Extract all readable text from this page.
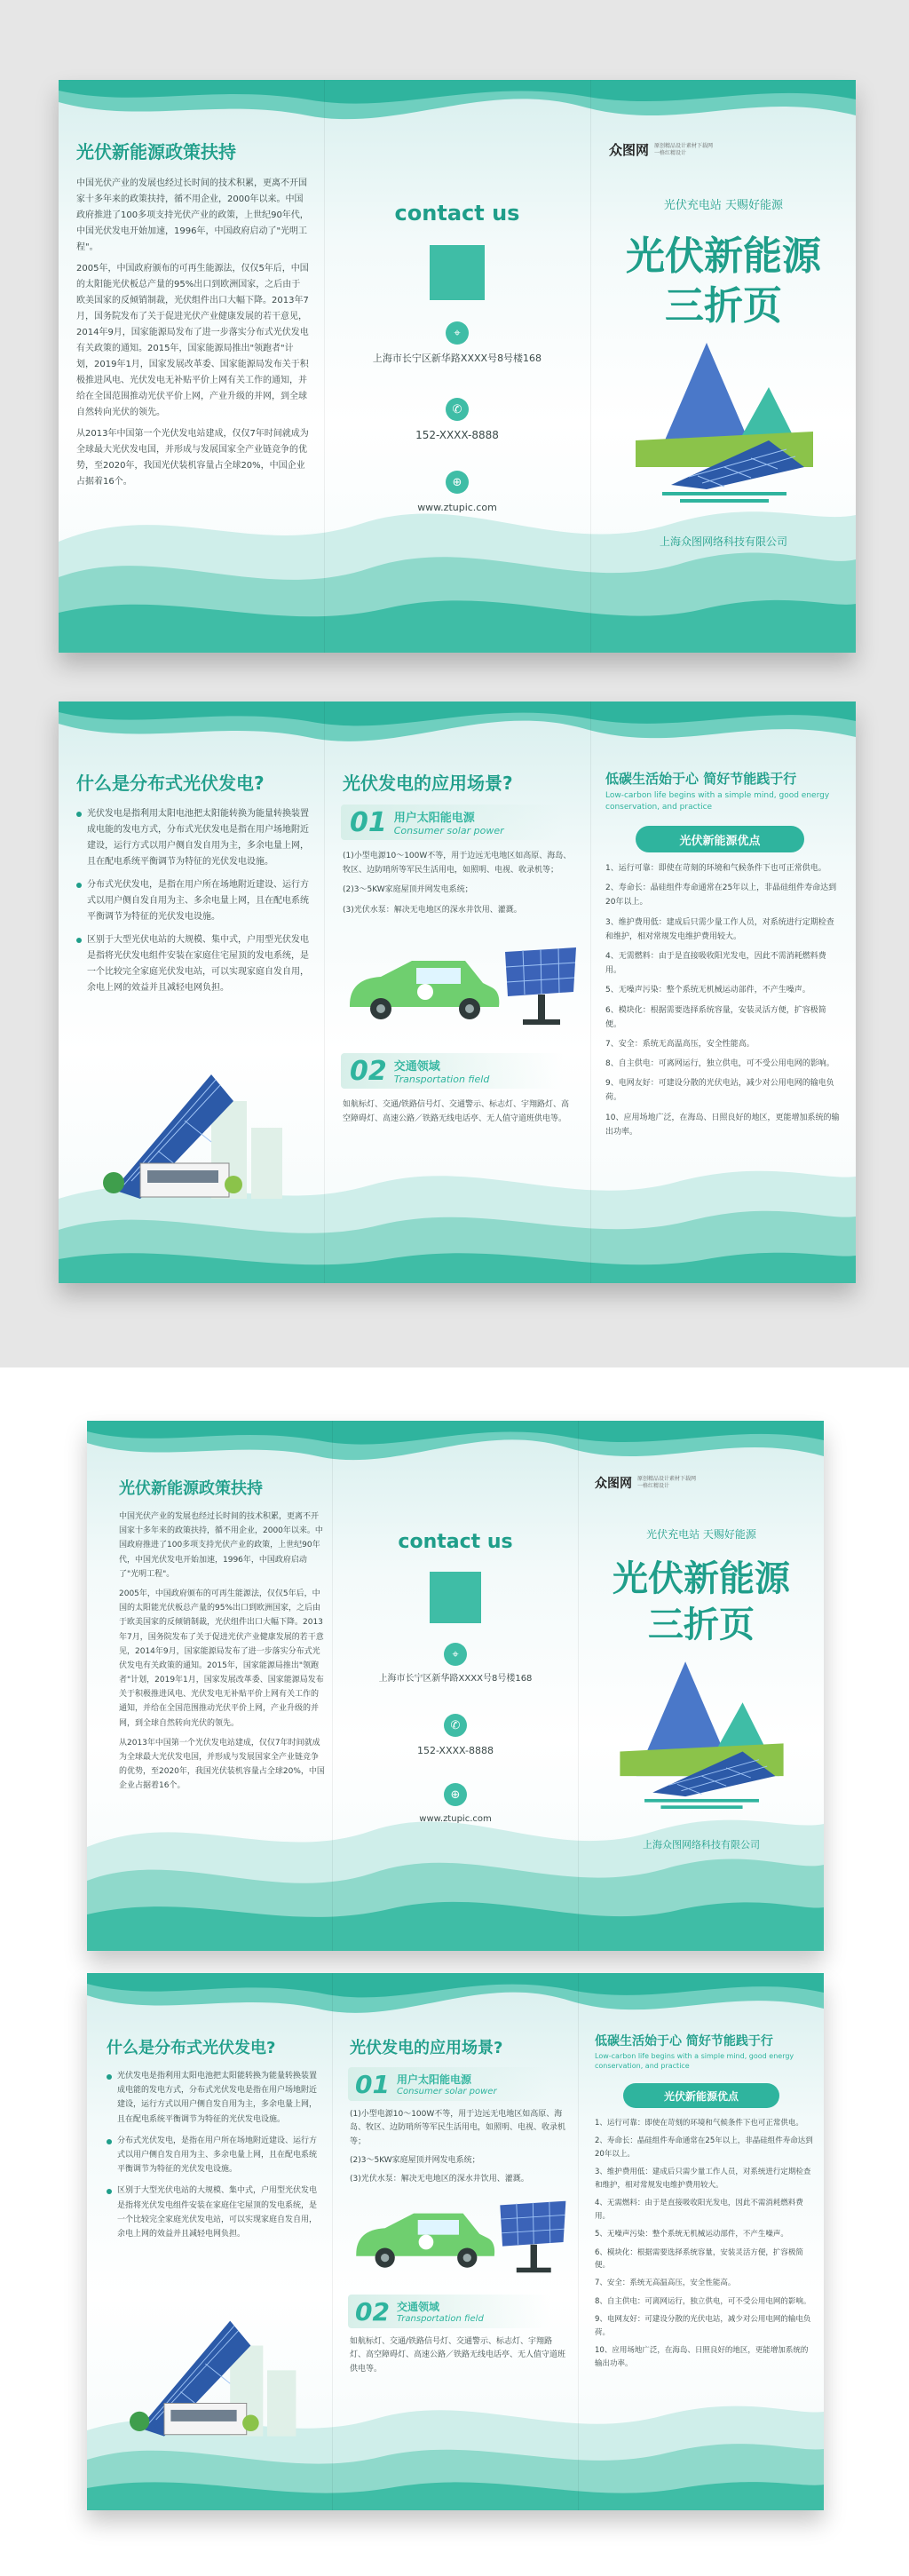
光伏新能源政策扶持

中国光伏产业的发展也经过长时间的技术积累，更离不开国家十多年来的政策扶持，循不用企业，2000年以来。中国政府推进了100多项支持光伏产业的政策，上世纪90年代，中国光伏发电开始加速，1996年，中国政府启动了"光明工程"。

2005年，中国政府颁布的可再生能源法，仅仅5年后，中国的太阳能光伏板总产量的95%出口到欧洲国家，之后由于欧美国家的反倾销制裁，光伏组件出口大幅下降。2013年7月，国务院发布了关于促进光伏产业健康发展的若干意见，2014年9月，国家能源局发布了进一步落实分布式光伏发电有关政策的通知。2015年，国家能源局推出"领跑者"计划，2019年1月，国家发展改革委、国家能源局发布关于积极推进风电、光伏发电无补贴平价上网有关工作的通知，并给在全国范围推动光伏平价上网，产业升级的并网，到全球自然转向光伏的领先。

从2013年中国第一个光伏发电站建成，仅仅7年时间就成为全球最大光伏发电国，并形成与发展国家全产业链竞争的优势，至2020年，我国光伏装机容量占全球20%，中国企业占据着16个。

contact us
⌖
上海市长宁区新华路XXXX号8号楼168
✆
152-XXXX-8888
⊕
www.ztupic.com
众图网 原创精品设计素材下载网
一格红精设计
光伏充电站 天赐好能源
光伏新能源
三折页
上海众图网络科技有限公司
什么是分布式光伏发电?
光伏发电是指利用太阳电池把太阳能转换为能量转换装置成电能的发电方式，分布式光伏发电是指在用户场地附近建设，运行方式以用户侧自发自用为主，多余电量上网，且在配电系统平衡调节为特征的光伏发电设施。
分布式光伏发电，是指在用户所在场地附近建设、运行方式以用户侧自发自用为主、多余电量上网，且在配电系统平衡调节为特征的光伏发电设施。
区别于大型光伏电站的大规模、集中式，户用型光伏发电是指将光伏发电组件安装在家庭住宅屋顶的发电系统，是一个比较完全家庭光伏发电站，可以实现家庭自发自用，余电上网的效益并且减轻电网负担。
光伏发电的应用场景?
01 用户太阳能电源
Consumer solar power

(1)小型电源10～100W不等，用于边远无电地区如高原、海岛、牧区、边防哨所等军民生活用电，如照明、电视、收录机等；

(2)3～5KW家庭屋顶并网发电系统；

(3)光伏水泵：解决无电地区的深水井饮用、灌溉。

02 交通领域
Transportation field
如航标灯、交通/铁路信号灯、交通警示、标志灯、宇翔路灯、高空障碍灯、高速公路／铁路无线电话亭、无人值守道班供电等。
低碳生活始于心 简好节能践于行
Low-carbon life begins with a simple mind, good energy conservation, and practice
光伏新能源优点

1、运行可靠：即使在苛刻的环境和气候条件下也可正常供电。

2、寿命长：晶硅组件寿命通常在25年以上，非晶硅组件寿命达到20年以上。

3、维护费用低：建成后只需少量工作人员，对系统进行定期检查和维护，相对常规发电维护费用较大。

4、无需燃料：由于是直接吸收阳光发电，因此不需消耗燃料费用。

5、无噪声污染：整个系统无机械运动部件，不产生噪声。

6、模块化：根据需要选择系统容量，安装灵活方便，扩容极简便。

7、安全：系统无高温高压，安全性能高。

8、自主供电：可离网运行，独立供电，可不受公用电网的影响。

9、电网友好：可建设分散的光伏电站，减少对公用电网的输电负荷。

10、应用场地广泛，在海岛、日照良好的地区，更能增加系统的输出功率。

光伏新能源政策扶持

中国光伏产业的发展也经过长时间的技术积累，更离不开国家十多年来的政策扶持，循不用企业，2000年以来。中国政府推进了100多项支持光伏产业的政策，上世纪90年代，中国光伏发电开始加速，1996年，中国政府启动了"光明工程"。

2005年，中国政府颁布的可再生能源法，仅仅5年后，中国的太阳能光伏板总产量的95%出口到欧洲国家，之后由于欧美国家的反倾销制裁，光伏组件出口大幅下降。2013年7月，国务院发布了关于促进光伏产业健康发展的若干意见，2014年9月，国家能源局发布了进一步落实分布式光伏发电有关政策的通知。2015年，国家能源局推出"领跑者"计划，2019年1月，国家发展改革委、国家能源局发布关于积极推进风电、光伏发电无补贴平价上网有关工作的通知，并给在全国范围推动光伏平价上网，产业升级的并网，到全球自然转向光伏的领先。

从2013年中国第一个光伏发电站建成，仅仅7年时间就成为全球最大光伏发电国，并形成与发展国家全产业链竞争的优势，至2020年，我国光伏装机容量占全球20%，中国企业占据着16个。

contact us
⌖
上海市长宁区新华路XXXX号8号楼168
✆
152-XXXX-8888
⊕
www.ztupic.com
众图网 原创精品设计素材下载网
一格红精设计
光伏充电站 天赐好能源
光伏新能源
三折页
上海众图网络科技有限公司
什么是分布式光伏发电?
光伏发电是指利用太阳电池把太阳能转换为能量转换装置成电能的发电方式，分布式光伏发电是指在用户场地附近建设，运行方式以用户侧自发自用为主，多余电量上网，且在配电系统平衡调节为特征的光伏发电设施。
分布式光伏发电，是指在用户所在场地附近建设、运行方式以用户侧自发自用为主、多余电量上网，且在配电系统平衡调节为特征的光伏发电设施。
区别于大型光伏电站的大规模、集中式，户用型光伏发电是指将光伏发电组件安装在家庭住宅屋顶的发电系统，是一个比较完全家庭光伏发电站，可以实现家庭自发自用，余电上网的效益并且减轻电网负担。
光伏发电的应用场景?
01 用户太阳能电源
Consumer solar power

(1)小型电源10～100W不等，用于边远无电地区如高原、海岛、牧区、边防哨所等军民生活用电，如照明、电视、收录机等；

(2)3～5KW家庭屋顶并网发电系统；

(3)光伏水泵：解决无电地区的深水井饮用、灌溉。

02 交通领域
Transportation field
如航标灯、交通/铁路信号灯、交通警示、标志灯、宇翔路灯、高空障碍灯、高速公路／铁路无线电话亭、无人值守道班供电等。
低碳生活始于心 简好节能践于行
Low-carbon life begins with a simple mind, good energy conservation, and practice
光伏新能源优点

1、运行可靠：即使在苛刻的环境和气候条件下也可正常供电。

2、寿命长：晶硅组件寿命通常在25年以上，非晶硅组件寿命达到20年以上。

3、维护费用低：建成后只需少量工作人员，对系统进行定期检查和维护，相对常规发电维护费用较大。

4、无需燃料：由于是直接吸收阳光发电，因此不需消耗燃料费用。

5、无噪声污染：整个系统无机械运动部件，不产生噪声。

6、模块化：根据需要选择系统容量，安装灵活方便，扩容极简便。

7、安全：系统无高温高压，安全性能高。

8、自主供电：可离网运行，独立供电，可不受公用电网的影响。

9、电网友好：可建设分散的光伏电站，减少对公用电网的输电负荷。

10、应用场地广泛，在海岛、日照良好的地区，更能增加系统的输出功率。
